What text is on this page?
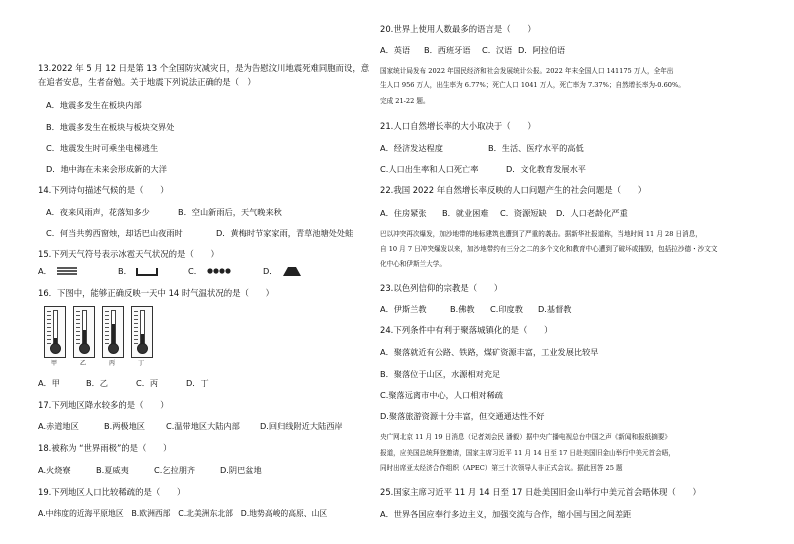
13.2022 年 5 月 12 日是第 13 个全国防灾减灾日，是为告慰汶川地震死难同胞而设，意
在追者安息，生者奋勉。关于地震下列说法正确的是（　）
A．地震多发生在板块内部
B．地震多发生在板块与板块交界处
C．地震发生时可乘坐电梯逃生
D．地中海在未来会形成新的大洋
14.下列诗句描述气候的是（　　）
A．夜来风雨声，花落知多少	B．空山新雨后，天气晚来秋
C．何当共剪西窗烛，却话巴山夜雨时	D．黄梅时节家家雨，青草池塘处处蛙
15.下列天气符号表示冰雹天气状况的是（　　）
A．	B．	C．	D．
16．下图中，能够正确反映一天中 14 时气温状况的是（　　）
甲	乙	丙	丁
A．甲	B．乙	C．丙	D．丁
17.下列地区降水较多的是（　　）
A.赤道地区	B.两极地区	C.温带地区大陆内部 D.回归线附近大陆西岸
18.被称为 “世界雨极”的是（　　）
A.火烧寮	B.夏威夷	C.乞拉朋齐	D.阴巴盆地
19.下列地区人口比较稀疏的是（　　）
A.中纬度的近海平原地区　B.欧洲西部　C.北美洲东北部　D.地势高峻的高原、山区
20.世界上使用人数最多的语言是（　　）
A．英语 B．西班牙语 C．汉语 D．阿拉伯语
国家统计局发布 2022 年国民经济和社会发展统计公报。2022 年末全国人口 141175 万人，全年出
生人口 956 万人，出生率为 6.77%；死亡人口 1041 万人，死亡率为 7.37%；自然增长率为-0.60%。
完成 21-22 题。
21.人口自然增长率的大小取决于（　　）
A．经济发达程度	B．生活、医疗水平的高低
C.人口出生率和人口死亡率	D．文化教育发展水平
22.我国 2022 年自然增长率反映的人口问题产生的社会问题是（　　）
A．住房紧张 B．就业困难 C．资源短缺 D．人口老龄化严重
巴以冲突再次爆发，加沙地带的地标建筑也遭到了严重的袭击。据新华社报道称，当地时间 11 月 28 日消息，
自 10 月 7 日冲突爆发以来，加沙地带约有三分之二的多个文化和教育中心遭到了破坏或摧毁，包括拉沙德・沙文文
化中心和伊斯兰大学。
23.以色列信仰的宗教是（　　）
A．伊斯兰教	B.佛教 C.印度教 D.基督教
24.下列条件中有利于聚落城镇化的是（　　）
A．聚落就近有公路、铁路，煤矿资源丰富，工业发展比较早
B．聚落位于山区，水源相对充足
C.聚落远离市中心，人口相对稀疏
D.聚落旅游资源十分丰富，但交通通达性不好
央广网北京 11 月 19 日消息（记者刘会民 潘毅）据中央广播电视总台中国之声《新闻和报纸摘要》
报道，应美国总统拜登邀请，国家主席习近平 11 月 14 日至 17 日赴美国旧金山举行中美元首会晤，
同时出席亚太经济合作组织（APEC）第三十次领导人非正式会议。据此回答 25 题
25.国家主席习近平 11 月 14 日至 17 日赴美国旧金山举行中美元首会晤体现（　　）
A．世界各国应奉行多边主义，加强交流与合作，缩小国与国之间差距
